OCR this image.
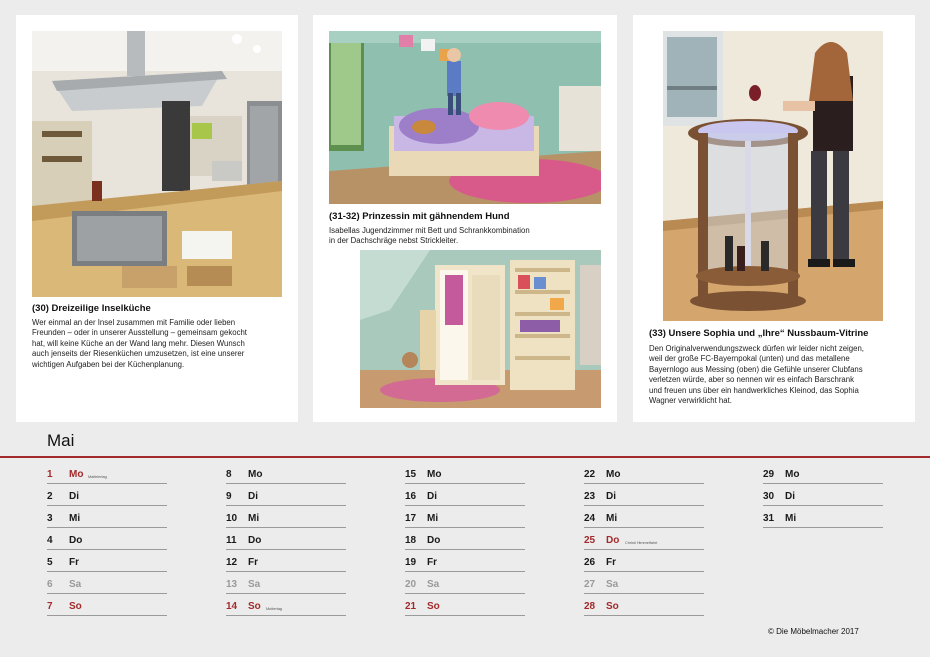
(30) Dreizeilige Inselküche
Wer einmal an der Insel zusammen mit Familie oder lieben
Freunden – oder in unserer Ausstellung – gemeinsam gekocht
hat, will keine Küche an der Wand lang mehr. Diesen Wunsch
auch jenseits der Riesenküchen umzusetzen, ist eine unserer
wichtigen Aufgaben bei der Küchenplanung.
(31-32) Prinzessin mit gähnendem Hund
Isabellas Jugendzimmer mit Bett und Schrankkombination
in der Dachschräge nebst Strickleiter.
(33) Unsere Sophia und „Ihre“ Nussbaum-Vitrine
Den Originalverwendungszweck dürfen wir leider nicht zeigen,
weil der große FC-Bayernpokal (unten) und das metallene
Bayernlogo aus Messing (oben) die Gefühle unserer Clubfans
verletzen würde, aber so nennen wir es einfach Barschrank
und freuen uns über ein handwerkliches Kleinod, das Sophia
Wagner verwirklicht hat.
Mai
1 Mo Maifeiertag
2 Di
3 Mi
4 Do
5 Fr
6 Sa
7 So
8 Mo
9 Di
10 Mi
11 Do
12 Fr
13 Sa
14 So Muttertag
15 Mo
16 Di
17 Mi
18 Do
19 Fr
20 Sa
21 So
22 Mo
23 Di
24 Mi
25 Do Christi Himmelfahrt
26 Fr
27 Sa
28 So
29 Mo
30 Di
31 Mi
© Die Möbelmacher 2017
